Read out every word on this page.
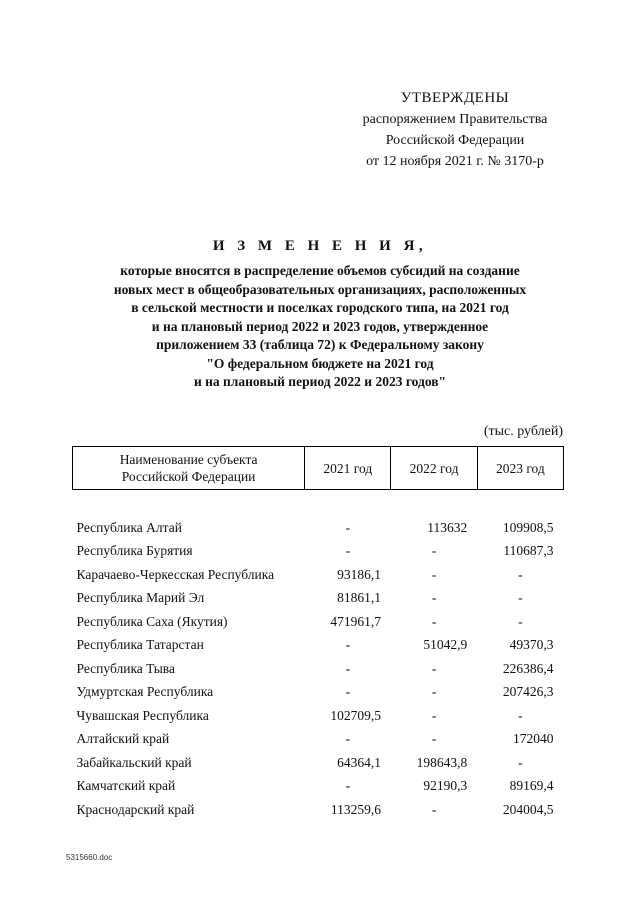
УТВЕРЖДЕНЫ
распоряжением Правительства
Российской Федерации
от 12 ноября 2021 г. № 3170-р
И З М Е Н Е Н И Я,

которые вносятся в распределение объемов субсидий на создание

новых мест в общеобразовательных организациях, расположенных

в сельской местности и поселках городского типа, на 2021 год

и на плановый период 2022 и 2023 годов, утвержденное

приложением 33 (таблица 72) к Федеральному закону

"О федеральном бюджете на 2021 год

и на плановый период 2022 и 2023 годов"

(тыс. рублей)
Наименование субъекта
Российской Федерации	2021 год	2022 год	2023 год

Республика Алтай	-	113632	109908,5
Республика Бурятия	-	-	110687,3
Карачаево-Черкесская Республика	93186,1	-	-
Республика Марий Эл	81861,1	-	-
Республика Саха (Якутия)	471961,7	-	-
Республика Татарстан	-	51042,9	49370,3
Республика Тыва	-	-	226386,4
Удмуртская Республика	-	-	207426,3
Чувашская Республика	102709,5	-	-
Алтайский край	-	-	172040
Забайкальский край	64364,1	198643,8	-
Камчатский край	-	92190,3	89169,4
Краснодарский край	113259,6	-	204004,5
5315660.doc
